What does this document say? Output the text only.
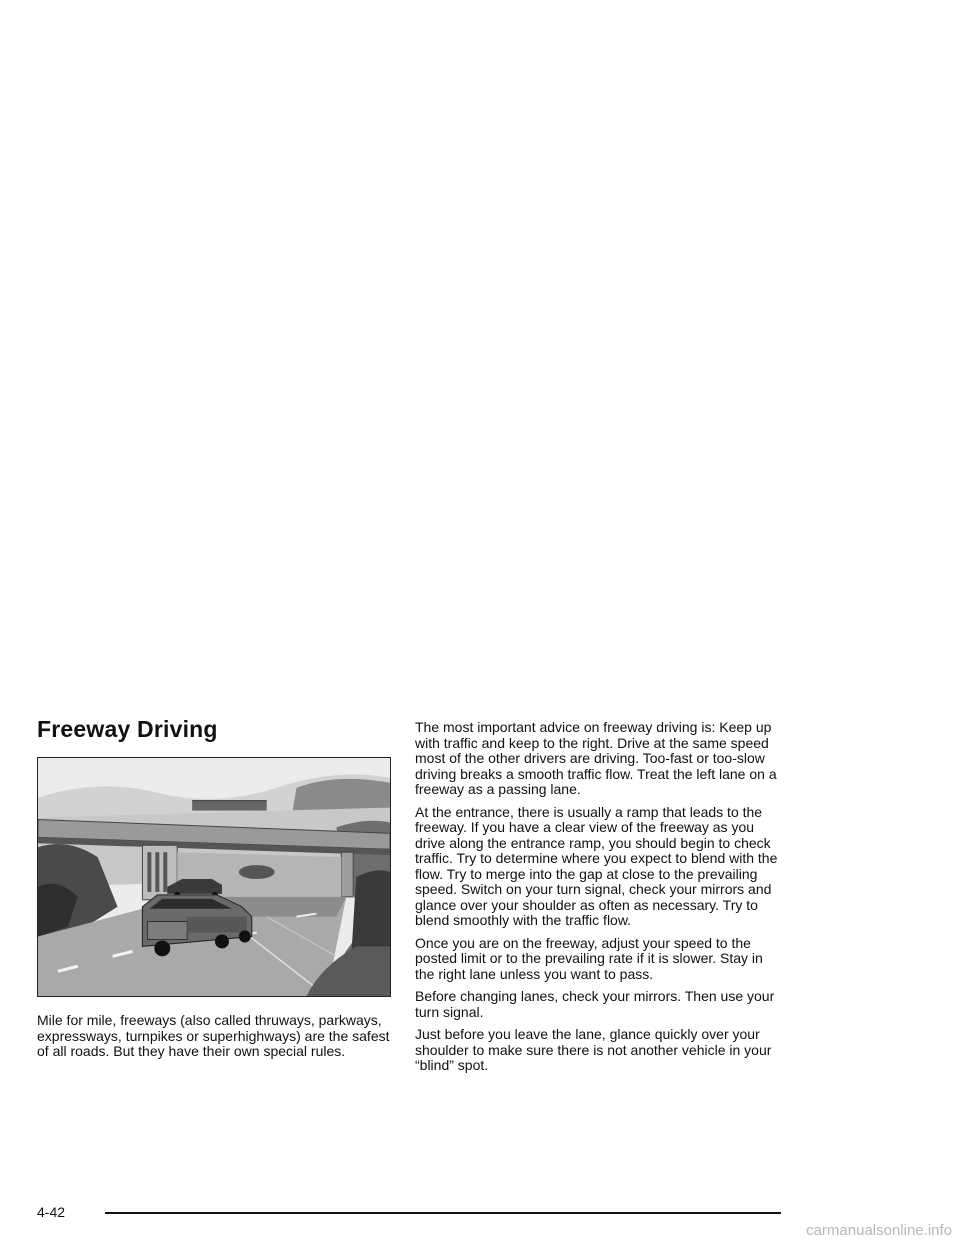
Freeway Driving

Mile for mile, freeways (also called thruways, parkways, expressways, turnpikes or superhighways) are the safest of all roads. But they have their own special rules.

The most important advice on freeway driving is: Keep up with traffic and keep to the right. Drive at the same speed most of the other drivers are driving. Too-fast or too-slow driving breaks a smooth traffic flow. Treat the left lane on a freeway as a passing lane.

At the entrance, there is usually a ramp that leads to the freeway. If you have a clear view of the freeway as you drive along the entrance ramp, you should begin to check traffic. Try to determine where you expect to blend with the flow. Try to merge into the gap at close to the prevailing speed. Switch on your turn signal, check your mirrors and glance over your shoulder as often as necessary. Try to blend smoothly with the traffic flow.

Once you are on the freeway, adjust your speed to the posted limit or to the prevailing rate if it is slower. Stay in the right lane unless you want to pass.

Before changing lanes, check your mirrors. Then use your turn signal.

Just before you leave the lane, glance quickly over your shoulder to make sure there is not another vehicle in your “blind” spot.

4-42

carmanualsonline.info
